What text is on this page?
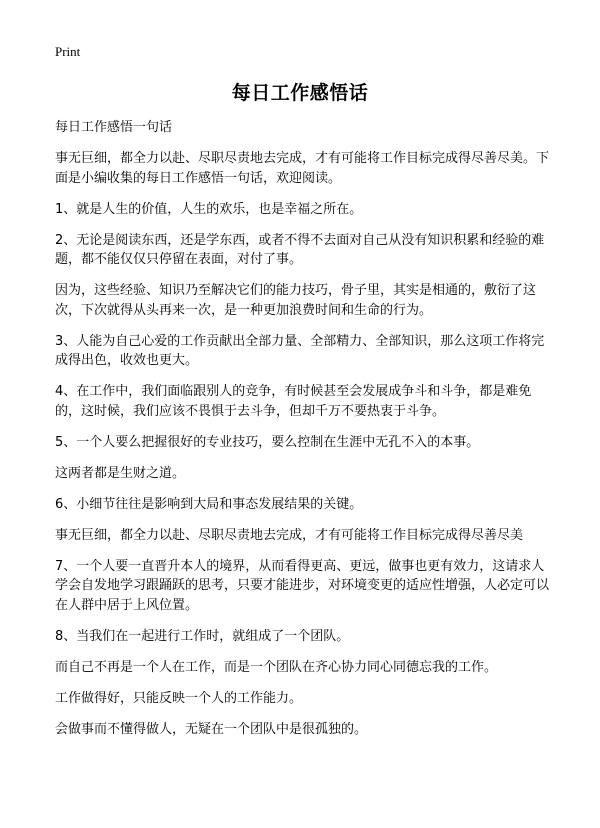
Print
每日工作感悟话

每日工作感悟一句话

事无巨细，都全力以赴、尽职尽责地去完成，才有可能将工作目标完成得尽善尽美。下面是小编收集的每日工作感悟一句话，欢迎阅读。

1、就是人生的价值，人生的欢乐，也是幸福之所在。

2、无论是阅读东西，还是学东西，或者不得不去面对自己从没有知识积累和经验的难题，都不能仅仅只停留在表面，对付了事。

因为，这些经验、知识乃至解决它们的能力技巧，骨子里，其实是相通的，敷衍了这次，下次就得从头再来一次，是一种更加浪费时间和生命的行为。

3、人能为自己心爱的工作贡献出全部力量、全部精力、全部知识，那么这项工作将完成得出色，收效也更大。

4、在工作中，我们面临跟别人的竞争，有时候甚至会发展成争斗和斗争，都是难免的，这时候，我们应该不畏惧于去斗争，但却千万不要热衷于斗争。

5、一个人要么把握很好的专业技巧，要么控制在生涯中无孔不入的本事。

这两者都是生财之道。

6、小细节往往是影响到大局和事态发展结果的关键。

事无巨细，都全力以赴、尽职尽责地去完成，才有可能将工作目标完成得尽善尽美

7、一个人要一直晋升本人的境界，从而看得更高、更远，做事也更有效力，这请求人学会自发地学习跟踊跃的思考，只要才能进步，对环境变更的适应性增强，人必定可以在人群中居于上风位置。

8、当我们在一起进行工作时，就组成了一个团队。

而自己不再是一个人在工作，而是一个团队在齐心协力同心同德忘我的工作。

工作做得好，只能反映一个人的工作能力。

会做事而不懂得做人，无疑在一个团队中是很孤独的。
